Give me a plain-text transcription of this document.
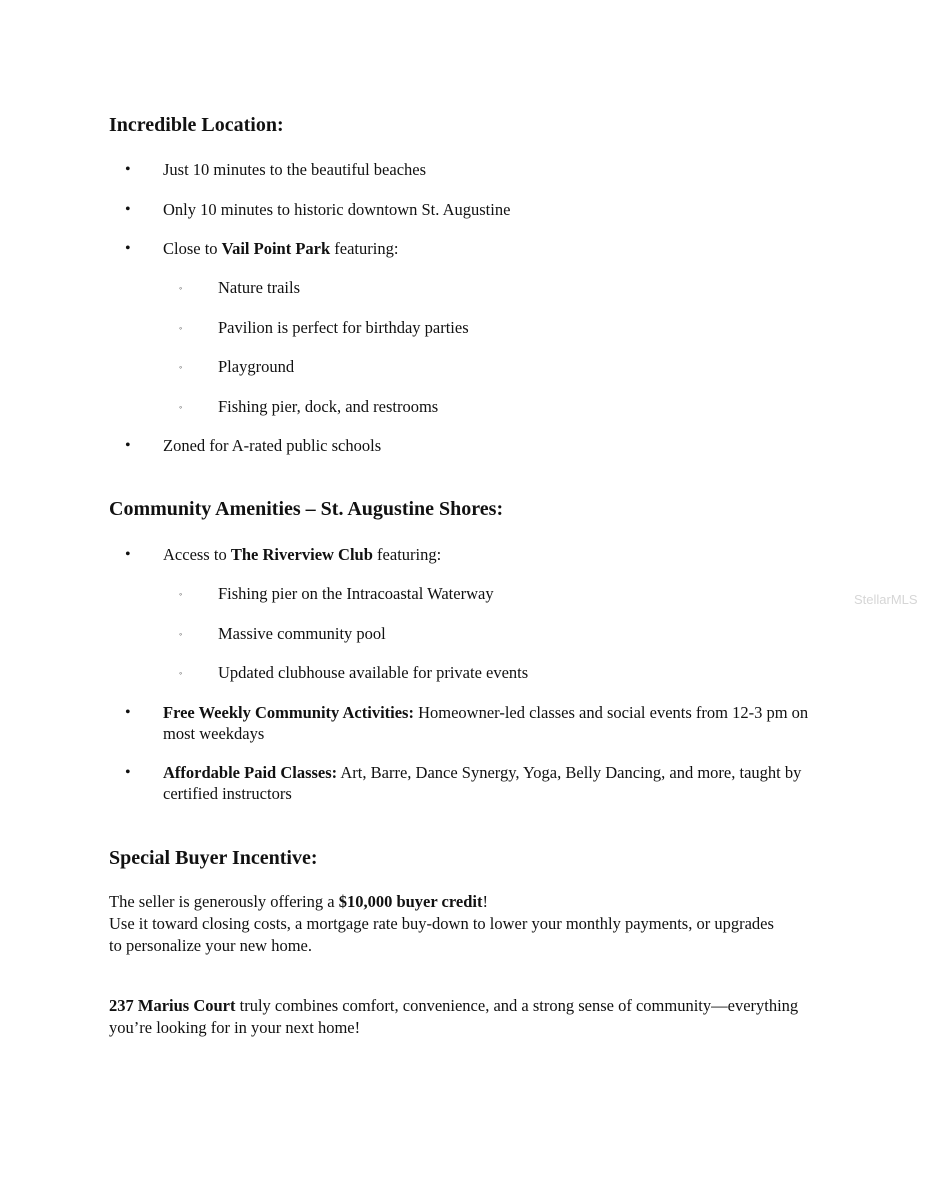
Incredible Location:
• Just 10 minutes to the beautiful beaches
• Only 10 minutes to historic downtown St. Augustine
• Close to Vail Point Park featuring:
◦ Nature trails
◦ Pavilion is perfect for birthday parties
◦ Playground
◦ Fishing pier, dock, and restrooms
• Zoned for A-rated public schools
Community Amenities – St. Augustine Shores:
• Access to The Riverview Club featuring:
◦ Fishing pier on the Intracoastal Waterway
◦ Massive community pool
◦ Updated clubhouse available for private events
• Free Weekly Community Activities: Homeowner-led classes and social events from 12-3 pm on most weekdays
• Affordable Paid Classes: Art, Barre, Dance Synergy, Yoga, Belly Dancing, and more, taught by certified instructors
Special Buyer Incentive:
The seller is generously offering a $10,000 buyer credit!
Use it toward closing costs, a mortgage rate buy-down to lower your monthly payments, or upgrades to personalize your new home.
237 Marius Court truly combines comfort, convenience, and a strong sense of community—everything you’re looking for in your next home!
StellarMLS
